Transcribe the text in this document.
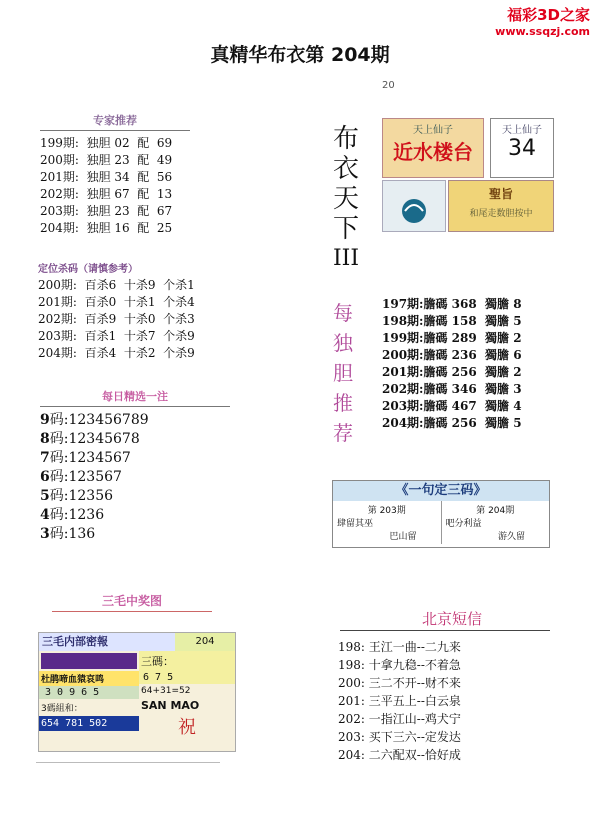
福彩3D之家
www.ssqzj.com
真精华布衣第 204期
20
专家推荐
199期:  独胆 02  配  69
200期:  独胆 23  配  49
201期:  独胆 34  配  56
202期:  独胆 67  配  13
203期:  独胆 23  配  67
204期:  独胆 16  配  25
定位杀码（请慎参考）
200期:  百杀6  十杀9  个杀1
201期:  百杀0  十杀1  个杀4
202期:  百杀9  十杀0  个杀3
203期:  百杀1  十杀7  个杀9
204期:  百杀4  十杀2  个杀9
每日精选一注
9码:123456789
8码:12345678
7码:1234567
6码:123567
5码:12356
4码:1236
3码:136
布
衣
天
下
III
每
独
胆
推
荐
天上仙子
近水楼台
天上仙子
34
聖旨
和尾走数胆按中
197期:膽碼 368  獨膽 8
198期:膽碼 158  獨膽 5
199期:膽碼 289  獨膽 2
200期:膽碼 236  獨膽 6
201期:膽碼 256  獨膽 2
202期:膽碼 346  獨膽 3
203期:膽碼 467  獨膽 4
204期:膽碼 256  獨膽 5
《一句定三码》
第 203期
肆留其巫
巴山留
第 204期
吧分利益
游久留
三毛中奖图
三毛内部密報	204
杜鹃啼血猿哀鸣
3 0 9 6 5
3碼組和：
654 781 502
三碼：
6 7 5
64+31=52
SAN MAO
祝
北京短信
198: 王江一曲--二九来
198: 十拿九稳--不着急
200: 三二不开--财不来
201: 三平五上--白云泉
202: 一指江山--鸡犬宁
203: 买下三六--定发达
204: 二六配双--恰好成
